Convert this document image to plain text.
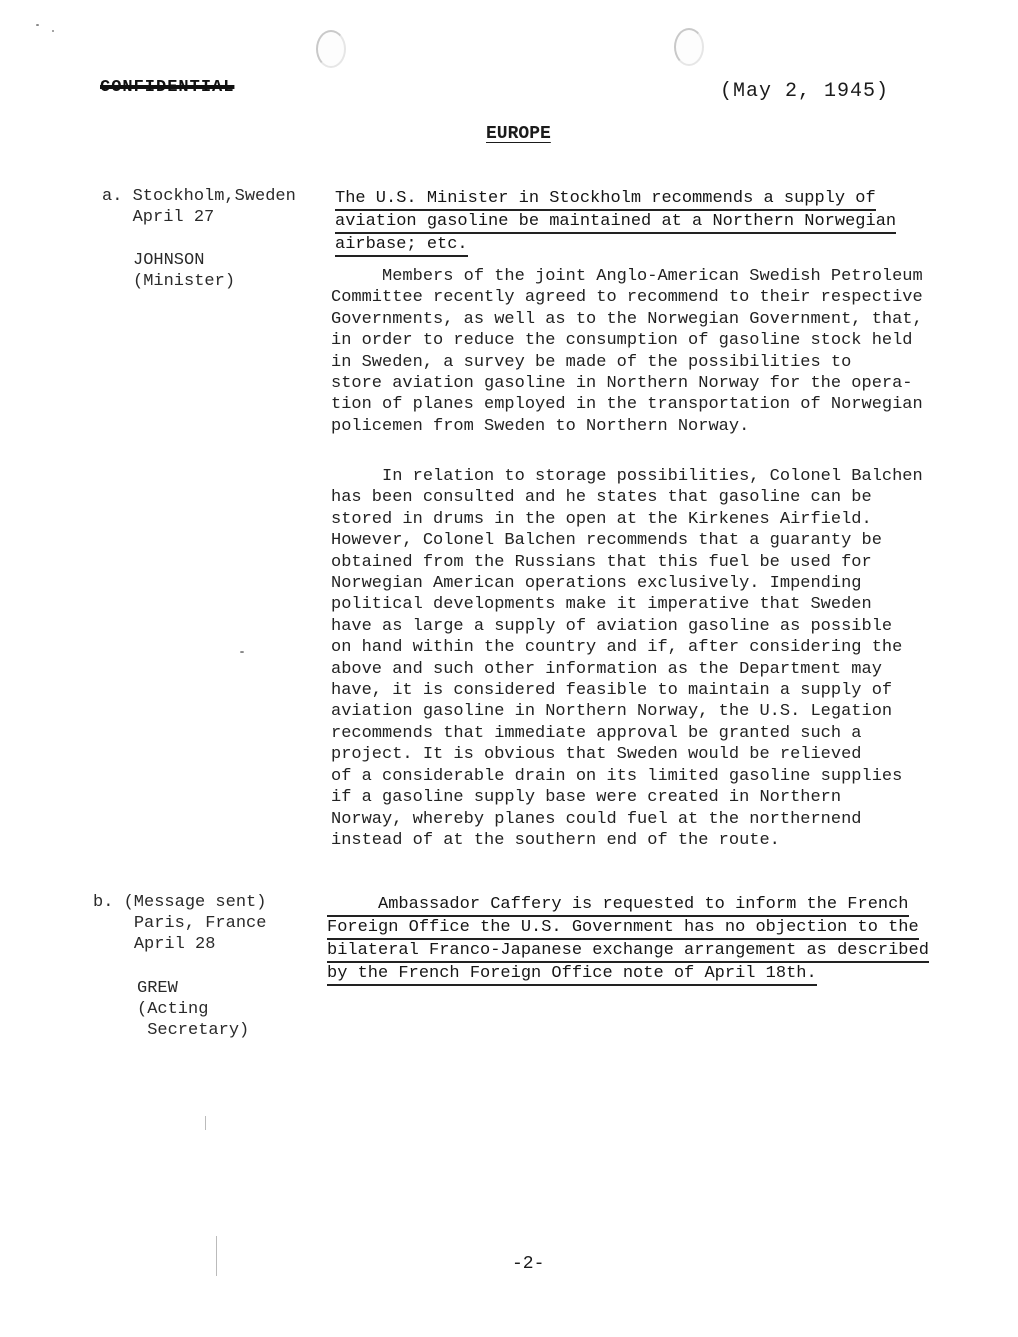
CONFIDENTIAL	(May 2, 1945)
EUROPE
a. Stockholm,Sweden
April 27
JOHNSON
(Minister)
The U.S. Minister in Stockholm recommends a supply of
aviation gasoline be maintained at a Northern Norwegian
airbase; etc.
Members of the joint Anglo-American Swedish Petroleum
Committee recently agreed to recommend to their respective
Governments, as well as to the Norwegian Government, that,
in order to reduce the consumption of gasoline stock held
in Sweden, a survey be made of the possibilities to
store aviation gasoline in Northern Norway for the opera-
tion of planes employed in the transportation of Norwegian
policemen from Sweden to Northern Norway.
In relation to storage possibilities, Colonel Balchen
has been consulted and he states that gasoline can be
stored in drums in the open at the Kirkenes Airfield.
However, Colonel Balchen recommends that a guaranty be
obtained from the Russians that this fuel be used for
Norwegian American operations exclusively. Impending
political developments make it imperative that Sweden
have as large a supply of aviation gasoline as possible
on hand within the country and if, after considering the
above and such other information as the Department may
have, it is considered feasible to maintain a supply of
aviation gasoline in Northern Norway, the U.S. Legation
recommends that immediate approval be granted such a
project. It is obvious that Sweden would be relieved
of a considerable drain on its limited gasoline supplies
if a gasoline supply base were created in Northern
Norway, whereby planes could fuel at the northernend
instead of at the southern end of the route.
b. (Message sent)
Paris, France
April 28
GREW
(Acting
Secretary)
Ambassador Caffery is requested to inform the French
Foreign Office the U.S. Government has no objection to the
bilateral Franco-Japanese exchange arrangement as described
by the French Foreign Office note of April 18th.
-2-
